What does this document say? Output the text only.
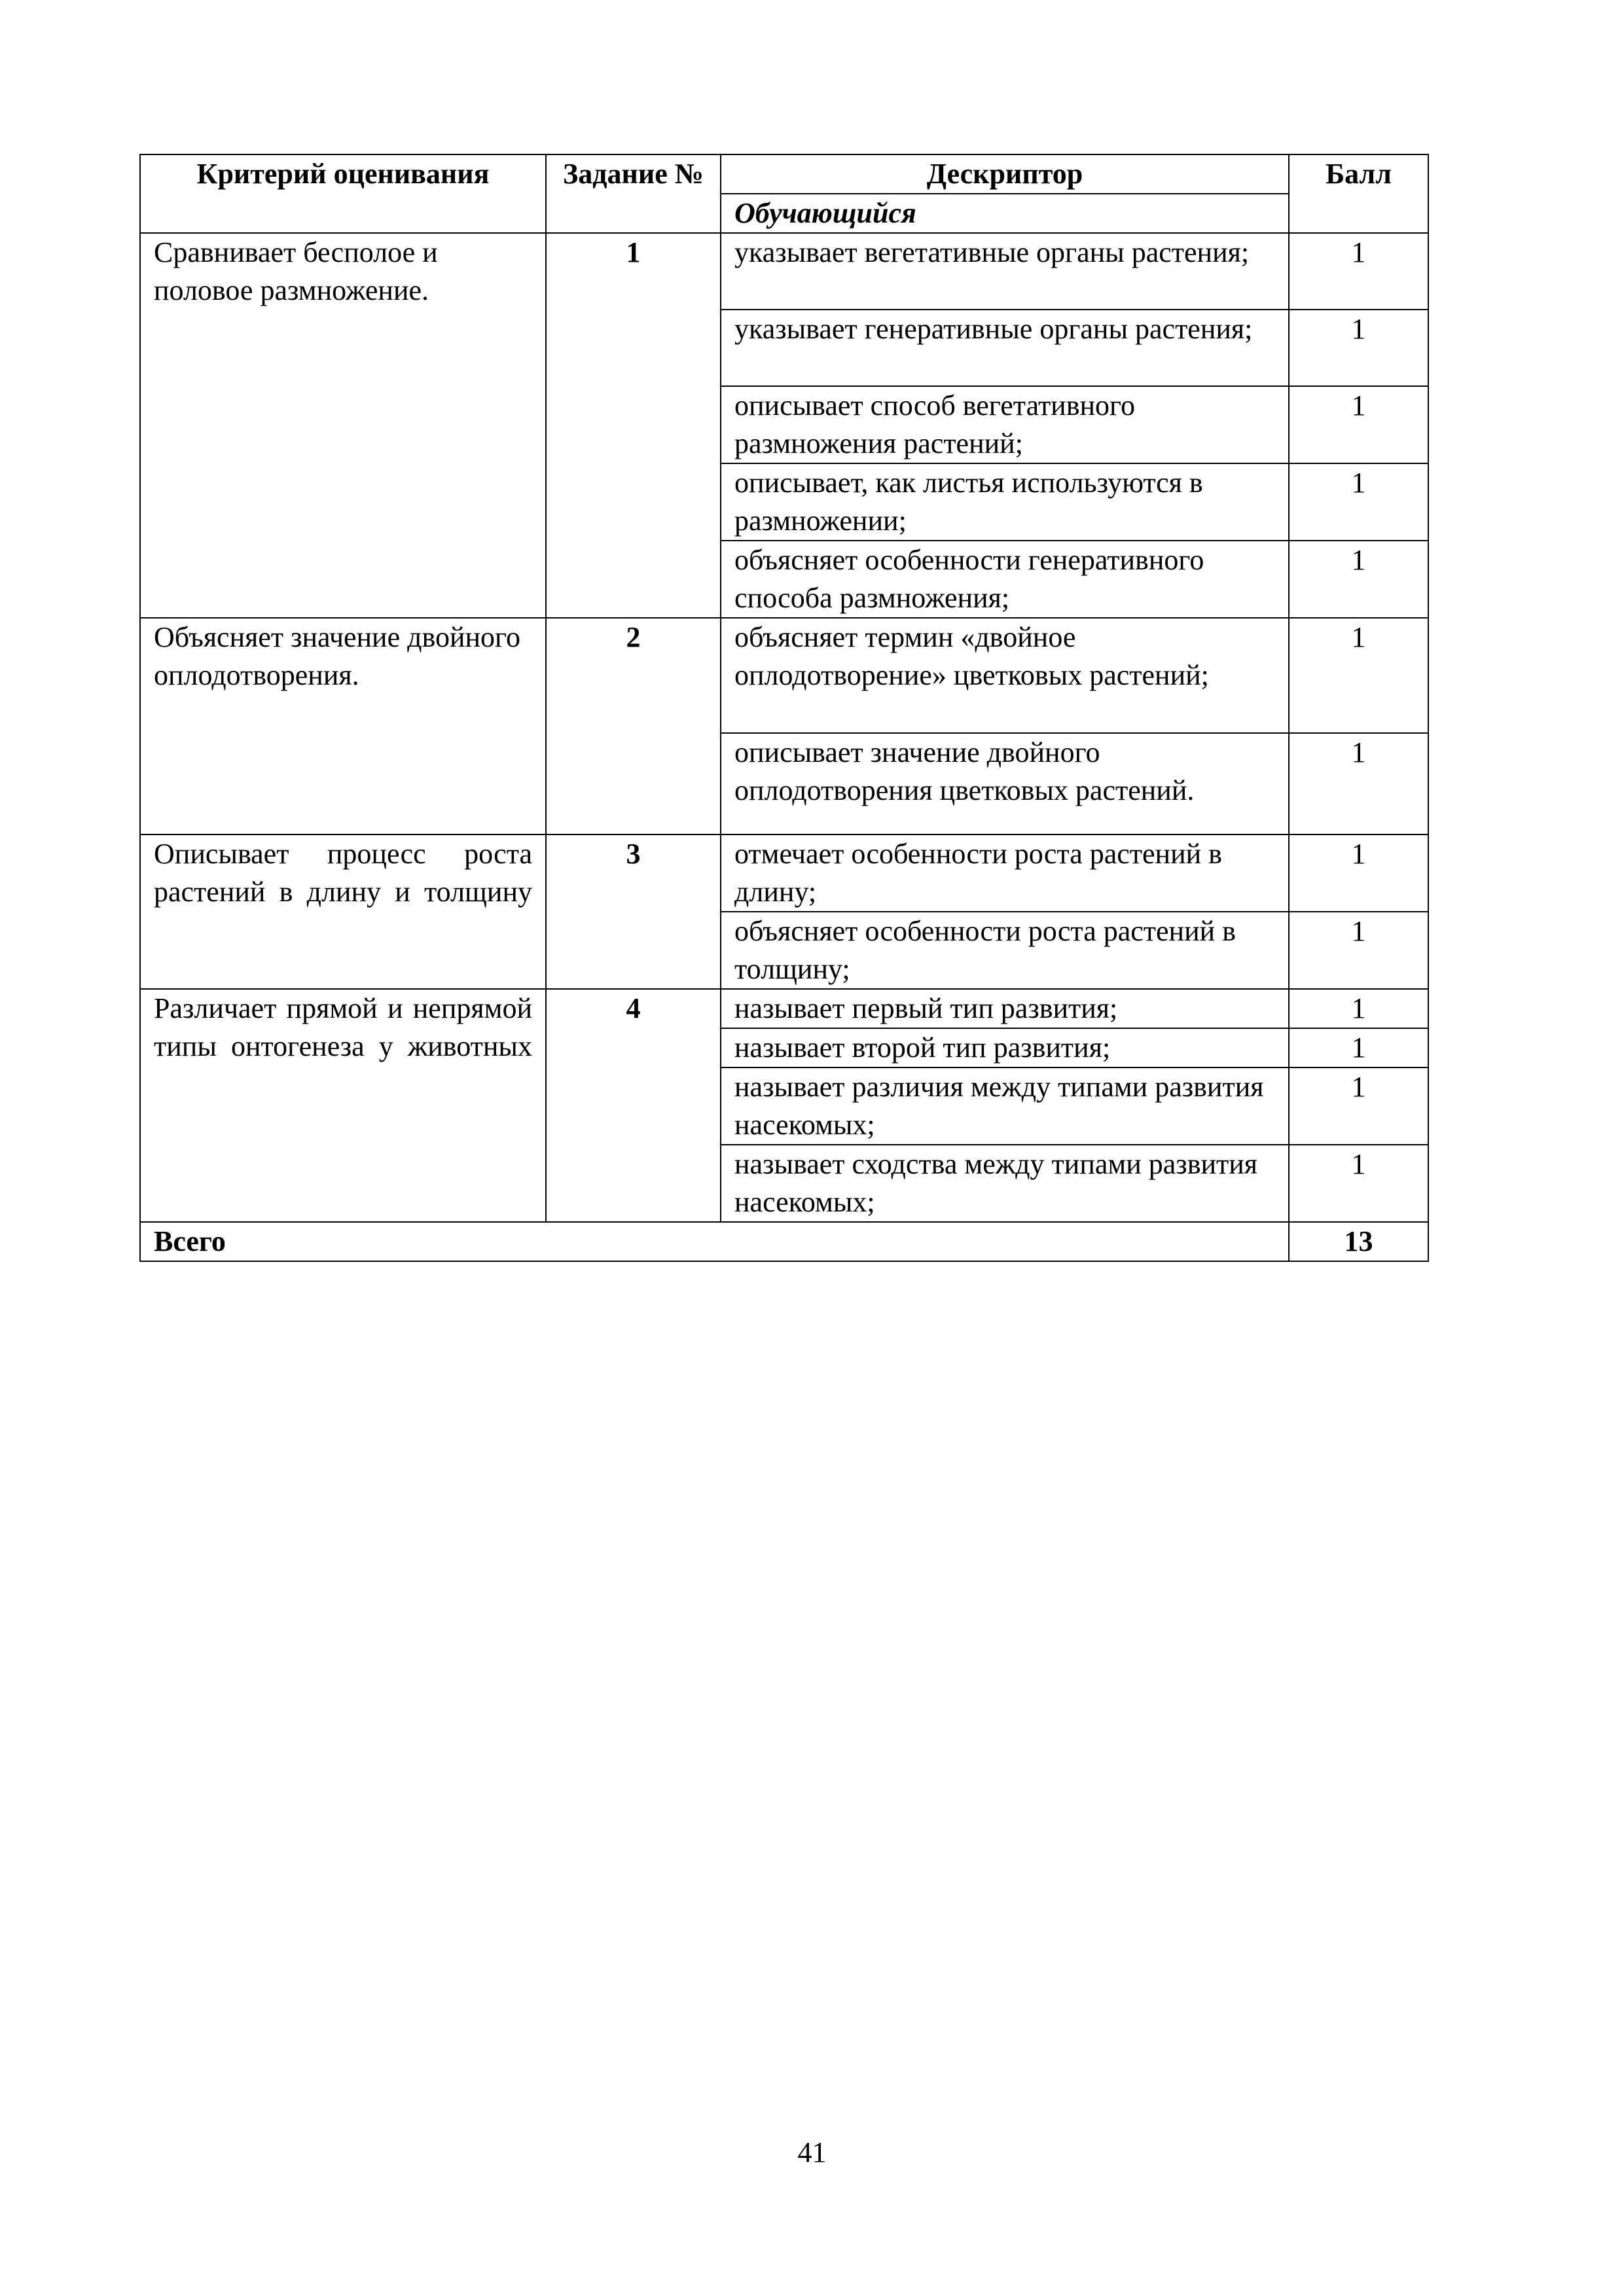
Критерий оценивания	Задание №	Дескриптор	Балл
		Обучающийся	
Сравнивает бесполое и половое размножение.	1	указывает вегетативные органы растения;	1
		указывает генеративные органы растения;	1
		описывает способ вегетативного размножения растений;	1
		описывает, как листья используются в размножении;	1
		объясняет особенности генеративного способа размножения;	1
Объясняет значение двойного оплодотворения.	2	объясняет термин «двойное оплодотворение» цветковых растений;	1
		описывает значение двойного оплодотворения цветковых растений.	1
Описывает процесс роста растений в длину и толщину	3	отмечает особенности роста растений в длину;	1
		объясняет особенности роста растений в толщину;	1
Различает прямой и непрямой типы онтогенеза у животных	4	называет первый тип развития;	1
		называет второй тип развития;	1
		называет различия между типами развития насекомых;	1
		называет сходства между типами развития насекомых;	1
Всего			13
41
